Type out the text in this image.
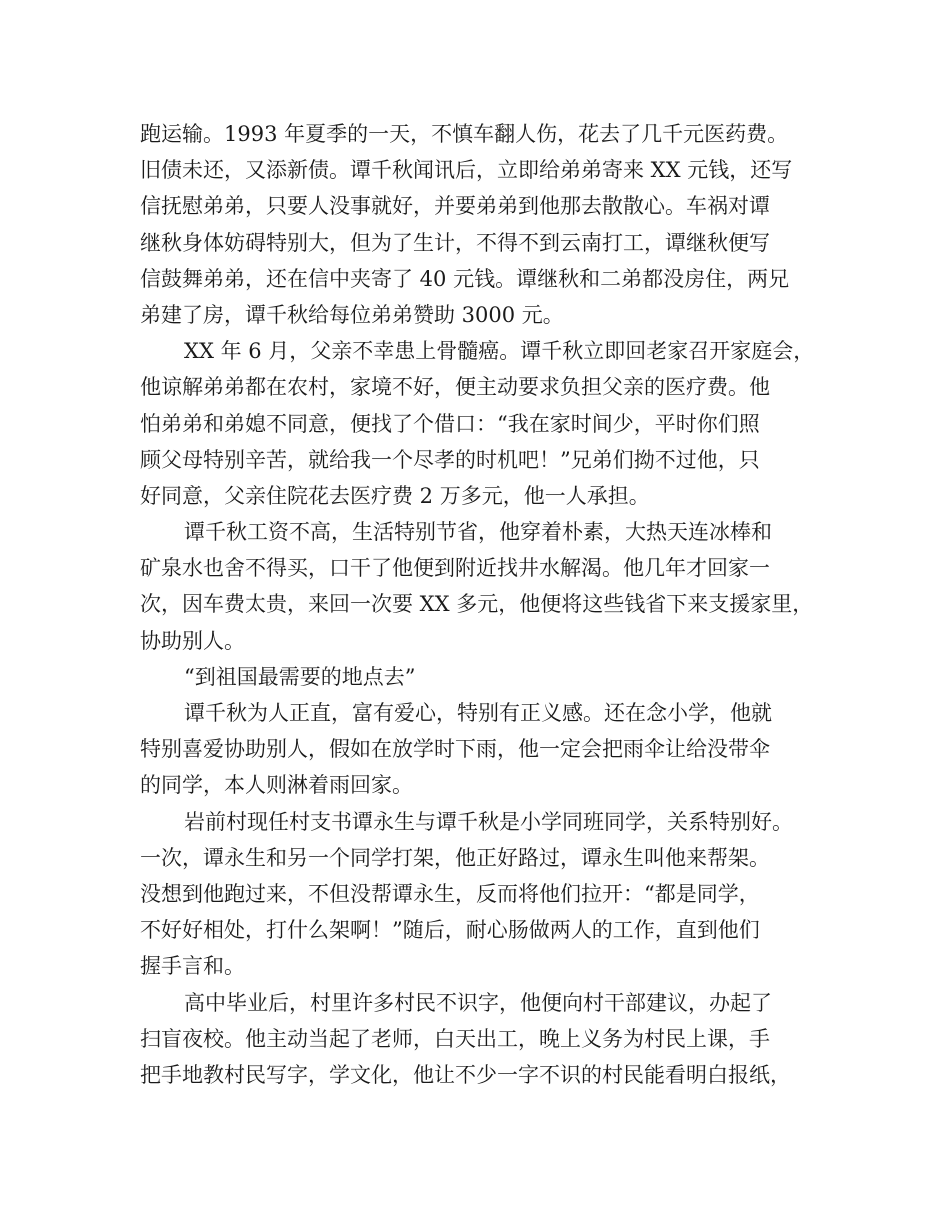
跑运输。1993 年夏季的一天，不慎车翻人伤，花去了几千元医药费。
旧债未还，又添新债。谭千秋闻讯后，立即给弟弟寄来 XX 元钱，还写
信抚慰弟弟，只要人没事就好，并要弟弟到他那去散散心。车祸对谭
继秋身体妨碍特别大，但为了生计，不得不到云南打工，谭继秋便写
信鼓舞弟弟，还在信中夹寄了 40 元钱。谭继秋和二弟都没房住，两兄
弟建了房，谭千秋给每位弟弟赞助 3000 元。
XX 年 6 月，父亲不幸患上骨髓癌。谭千秋立即回老家召开家庭会，
他谅解弟弟都在农村，家境不好，便主动要求负担父亲的医疗费。他
怕弟弟和弟媳不同意，便找了个借口：“我在家时间少，平时你们照
顾父母特别辛苦，就给我一个尽孝的时机吧！”兄弟们拗不过他，只
好同意，父亲住院花去医疗费 2 万多元，他一人承担。
谭千秋工资不高，生活特别节省，他穿着朴素，大热天连冰棒和
矿泉水也舍不得买，口干了他便到附近找井水解渴。他几年才回家一
次，因车费太贵，来回一次要 XX 多元，他便将这些钱省下来支援家里，
协助别人。
“到祖国最需要的地点去”
谭千秋为人正直，富有爱心，特别有正义感。还在念小学，他就
特别喜爱协助别人，假如在放学时下雨，他一定会把雨伞让给没带伞
的同学，本人则淋着雨回家。
岩前村现任村支书谭永生与谭千秋是小学同班同学，关系特别好。
一次，谭永生和另一个同学打架，他正好路过，谭永生叫他来帮架。
没想到他跑过来，不但没帮谭永生，反而将他们拉开：“都是同学，
不好好相处，打什么架啊！”随后，耐心肠做两人的工作，直到他们
握手言和。
高中毕业后，村里许多村民不识字，他便向村干部建议，办起了
扫盲夜校。他主动当起了老师，白天出工，晚上义务为村民上课，手
把手地教村民写字，学文化，他让不少一字不识的村民能看明白报纸，
